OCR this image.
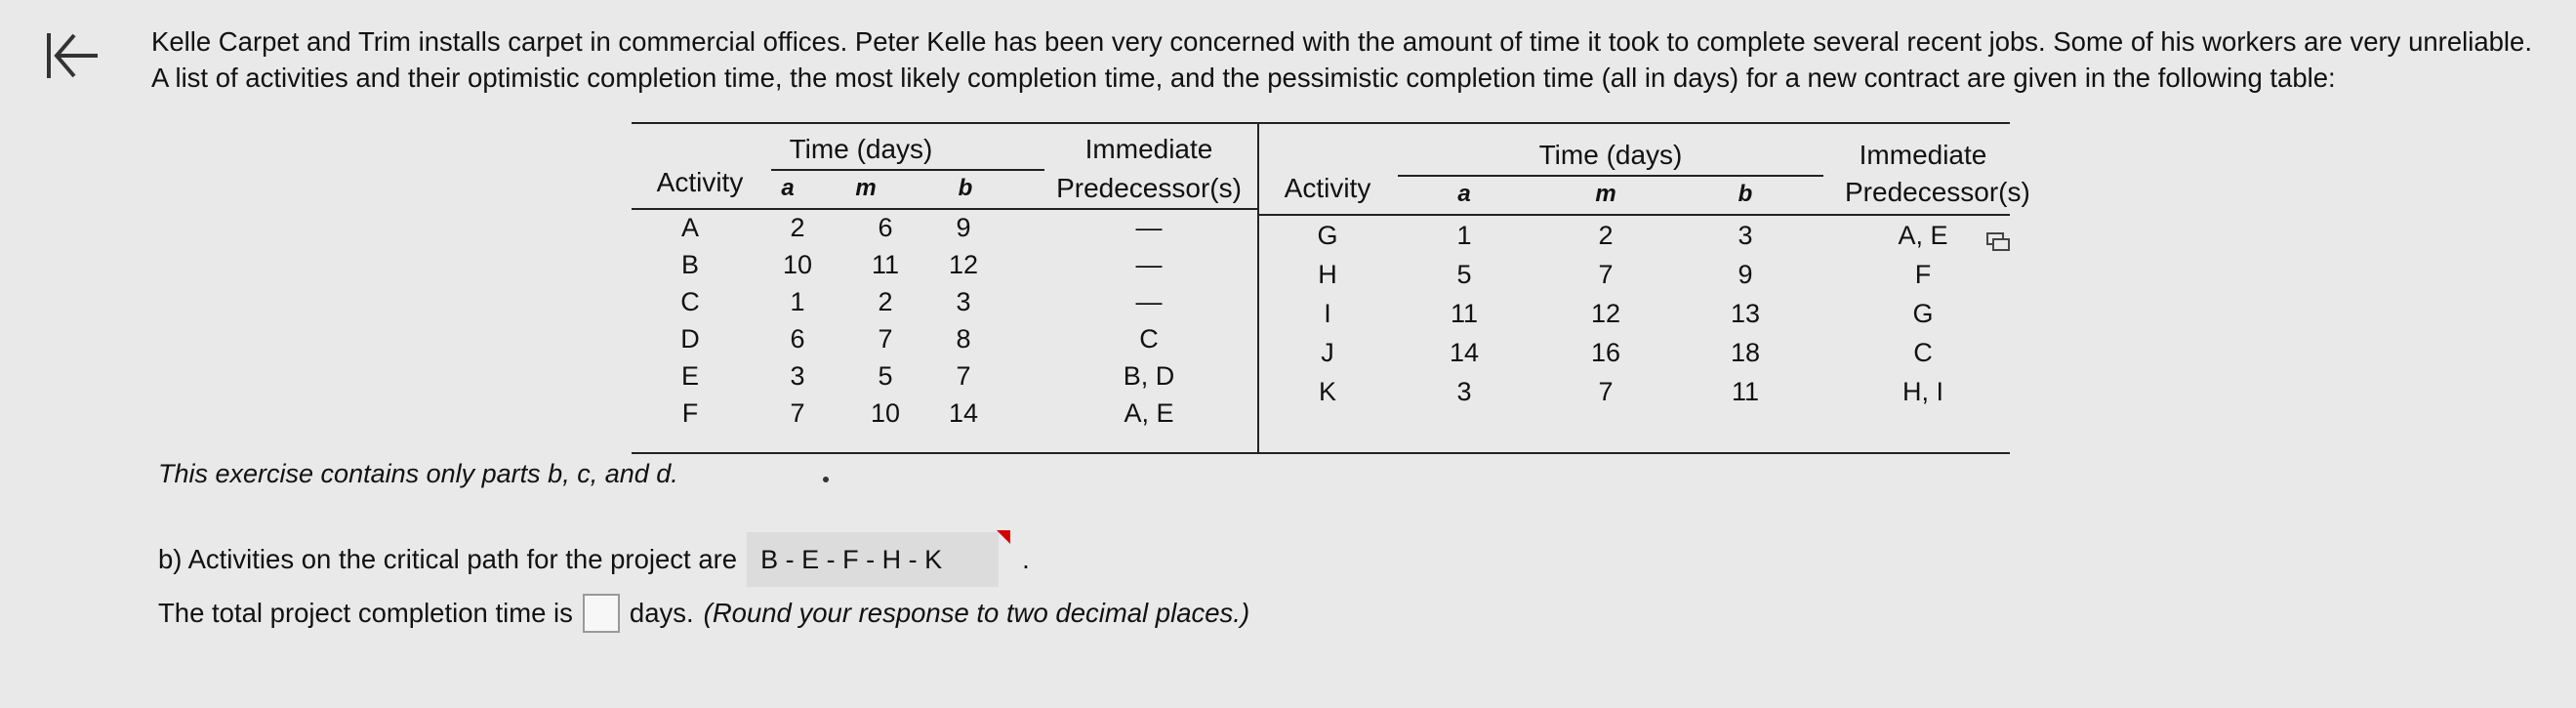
Kelle Carpet and Trim installs carpet in commercial offices. Peter Kelle has been very concerned with the amount of time it took to complete several recent jobs. Some of his workers are very unreliable. A list of activities and their optimistic completion time, the most likely completion time, and the pessimistic completion time (all in days) for a new contract are given in the following table:

Time (days)	Immediate
Activity	a	m	b	Predecessor(s)
A	2	6	9	—
B	10	11	12	—
C	1	2	3	—
D	6	7	8	C
E	3	5	7	B, D
F	7	10	14	A, E
Time (days)	Immediate
Activity	a	m	b	Predecessor(s)
G	1	2	3	A, E
H	5	7	9	F
I	11	12	13	G
J	14	16	18	C
K	3	7	11	H, I
This exercise contains only parts b, c, and d.
b) Activities on the critical path for the project are B - E - F - H - K	.
The total project completion time is days. (Round your response to two decimal places.)
